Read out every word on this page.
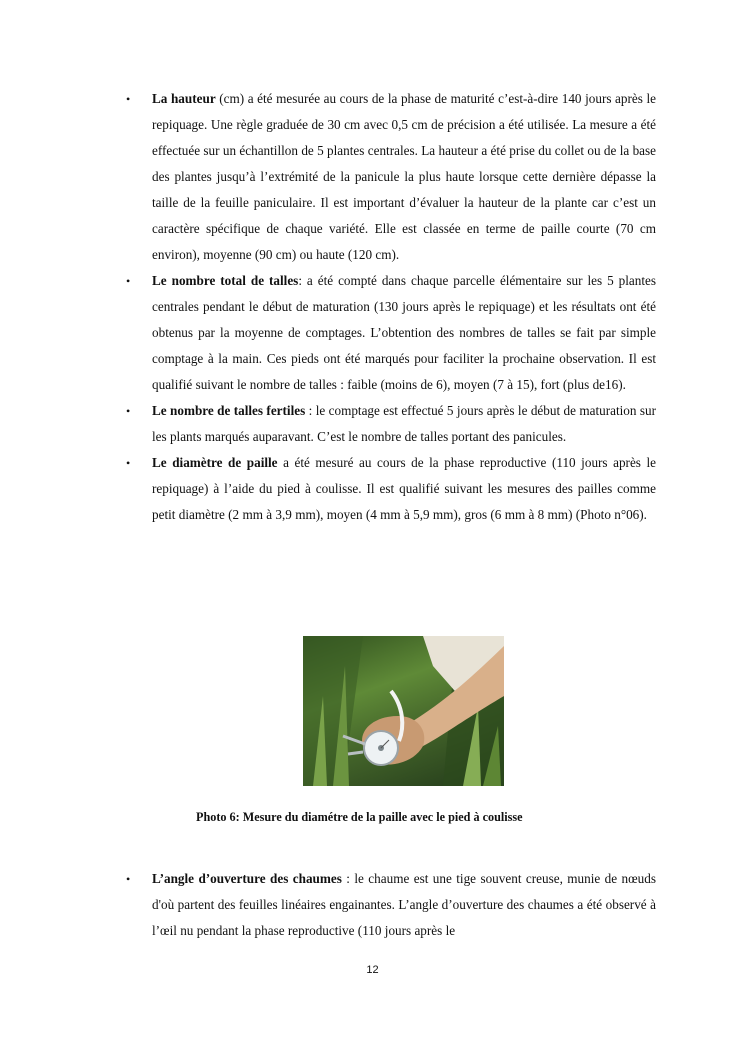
• La hauteur (cm) a été mesurée au cours de la phase de maturité c’est-à-dire 140 jours après le repiquage. Une règle graduée de 30 cm avec 0,5 cm de précision a été utilisée. La mesure a été effectuée sur un échantillon de 5 plantes centrales. La hauteur a été prise du collet ou de la base des plantes jusqu’à l’extrémité de la panicule la plus haute lorsque cette dernière dépasse la taille de la feuille paniculaire. Il est important d’évaluer la hauteur de la plante car c’est un caractère spécifique de chaque variété. Elle est classée en terme de paille courte (70 cm environ), moyenne (90 cm) ou haute (120 cm).
• Le nombre total de talles: a été compté dans chaque parcelle élémentaire sur les 5 plantes centrales pendant le début de maturation (130 jours après le repiquage) et les résultats ont été obtenus par la moyenne de comptages. L’obtention des nombres de talles se fait par simple comptage à la main. Ces pieds ont été marqués pour faciliter la prochaine observation. Il est qualifié suivant le nombre de talles : faible (moins de 6), moyen (7 à 15), fort (plus de16).
• Le nombre de talles fertiles : le comptage est effectué 5 jours après le début de maturation sur les plants marqués auparavant. C’est le nombre de talles portant des panicules.
• Le diamètre de paille a été mesuré au cours de la phase reproductive (110 jours après le repiquage) à l’aide du pied à coulisse. Il est qualifié suivant les mesures des pailles comme petit diamètre (2 mm à 3,9 mm), moyen (4 mm à 5,9 mm), gros (6 mm à 8 mm) (Photo n°06).
Photo 6: Mesure du diamétre de la paille avec le pied à coulisse
• L’angle d’ouverture des chaumes : le chaume est une tige souvent creuse, munie de nœuds d'où partent des feuilles linéaires engainantes. L’angle d’ouverture des chaumes a été observé à l’œil nu pendant la phase reproductive (110 jours après le
12
